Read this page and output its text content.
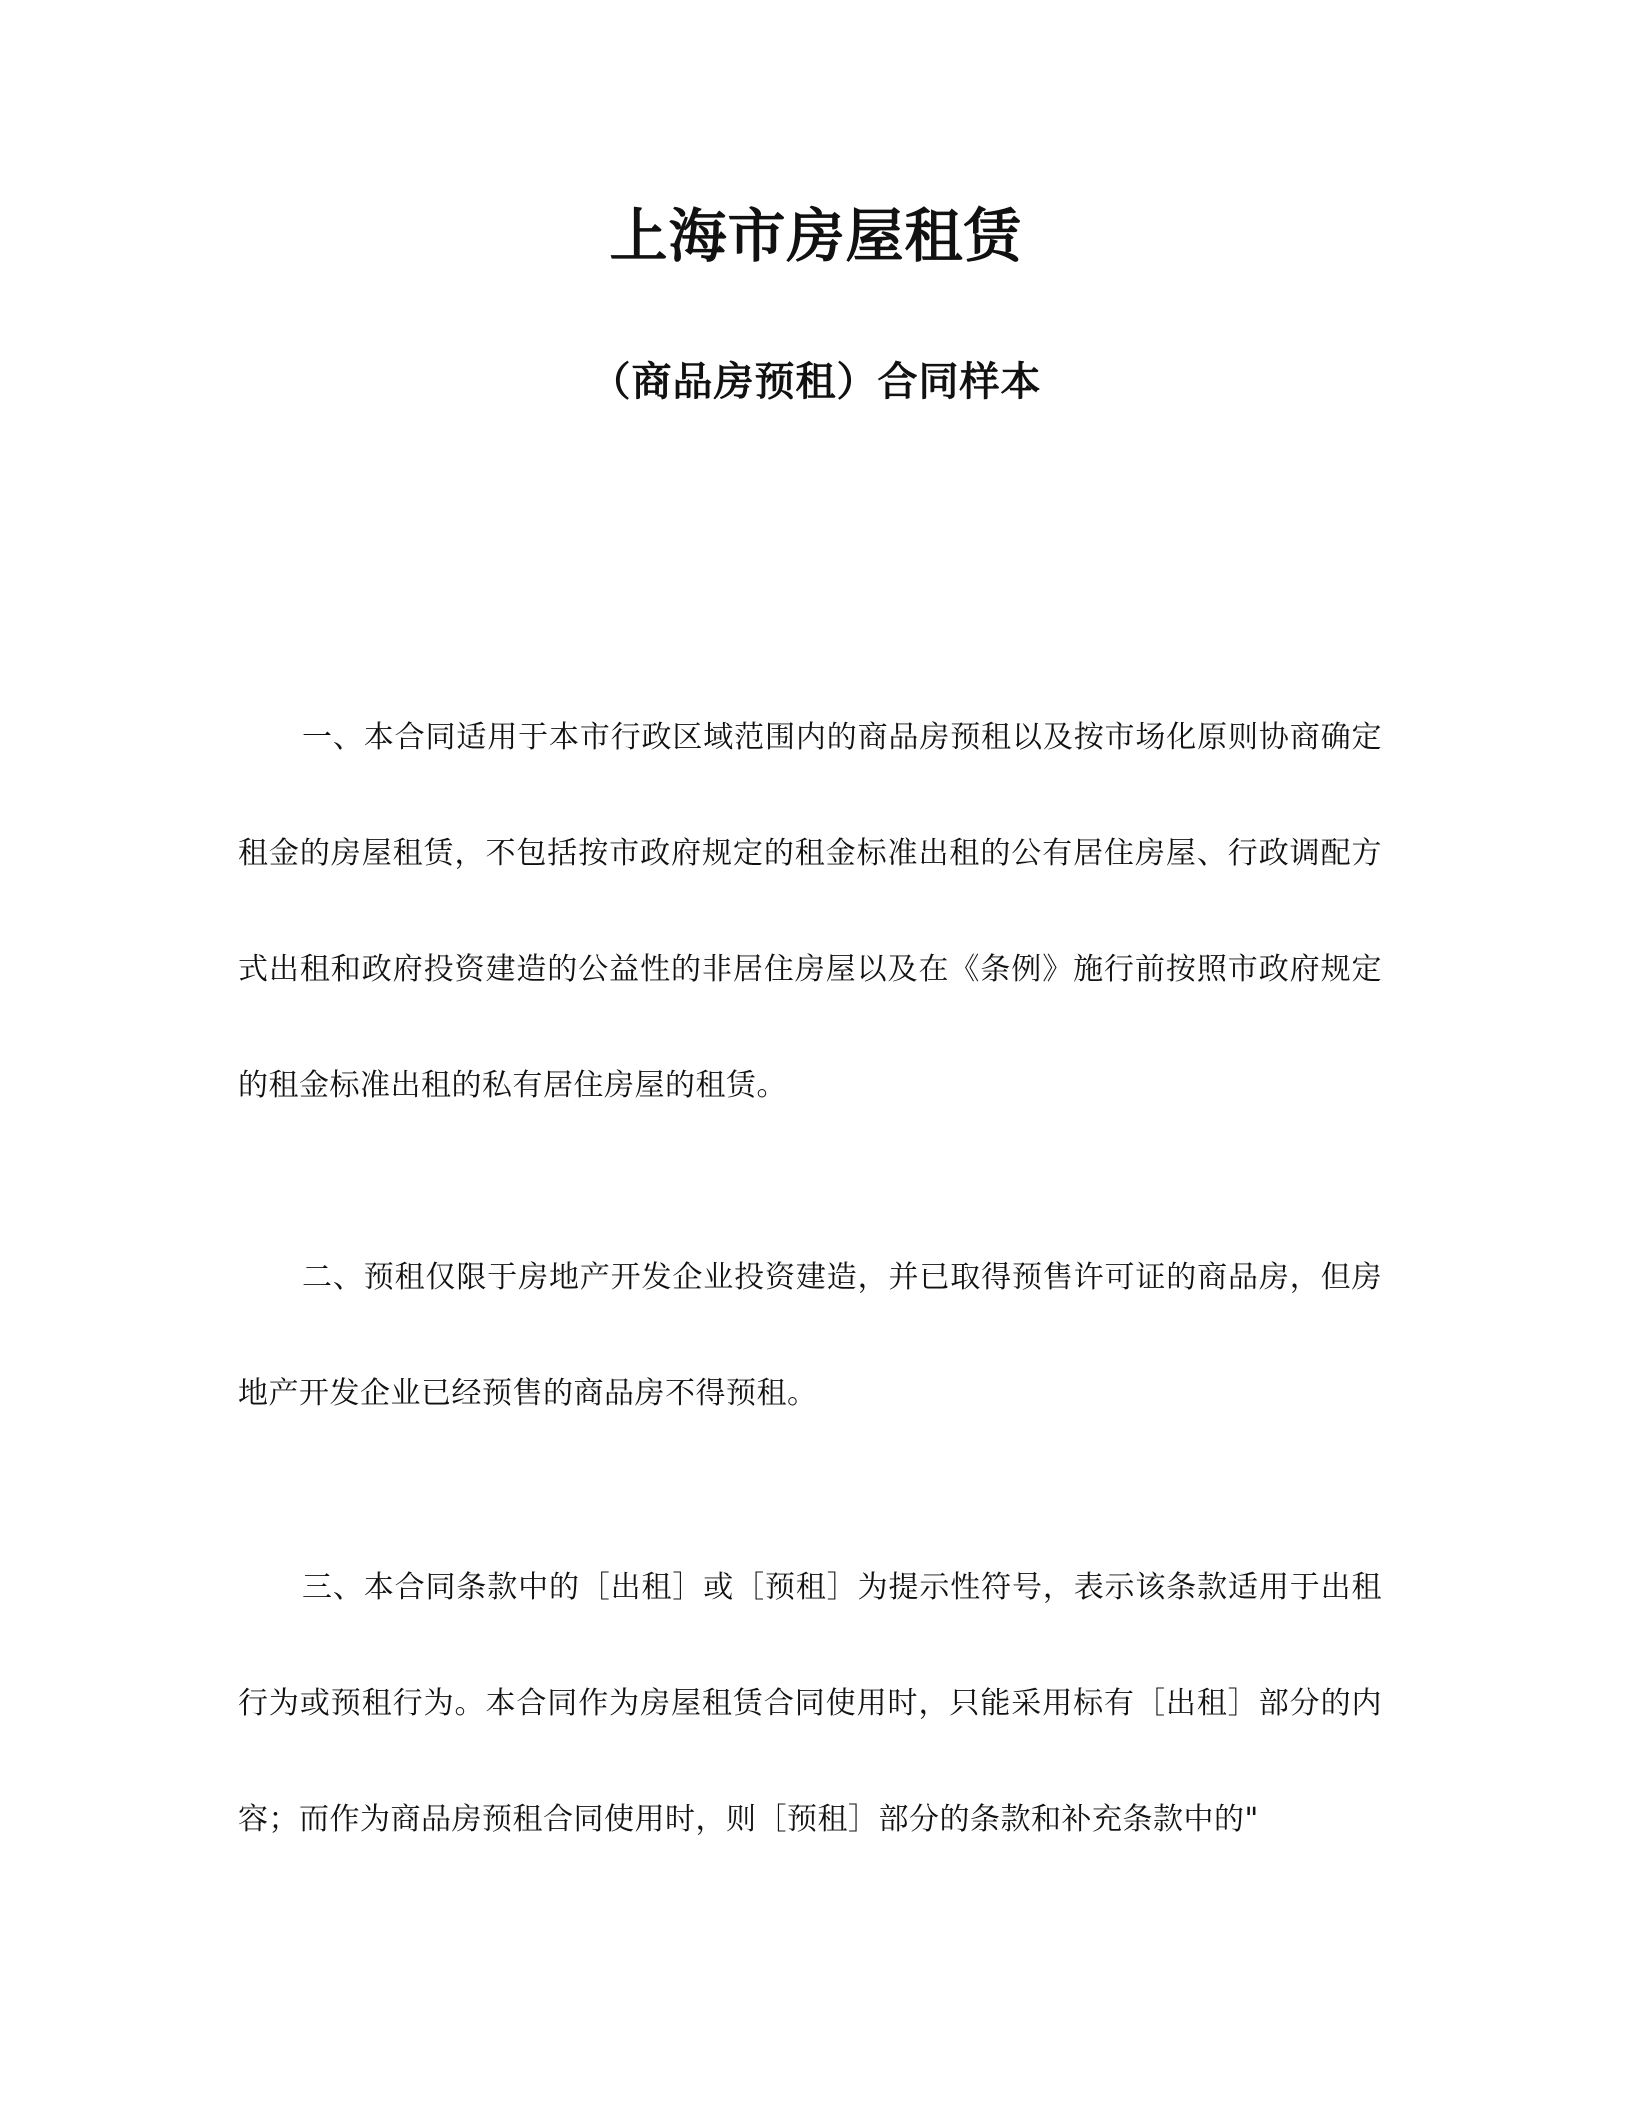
上海市房屋租赁
（商品房预租）合同样本

一、本合同适用于本市行政区域范围内的商品房预租以及按市场化原则协商确定租金的房屋租赁，不包括按市政府规定的租金标准出租的公有居住房屋、行政调配方式出租和政府投资建造的公益性的非居住房屋以及在《条例》施行前按照市政府规定的租金标准出租的私有居住房屋的租赁。

二、预租仅限于房地产开发企业投资建造，并已取得预售许可证的商品房，但房地产开发企业已经预售的商品房不得预租。

三、本合同条款中的［出租］或［预租］为提示性符号，表示该条款适用于出租行为或预租行为。本合同作为房屋租赁合同使用时，只能采用标有［出租］部分的内容；而作为商品房预租合同使用时，则［预租］部分的条款和补充条款中的"
